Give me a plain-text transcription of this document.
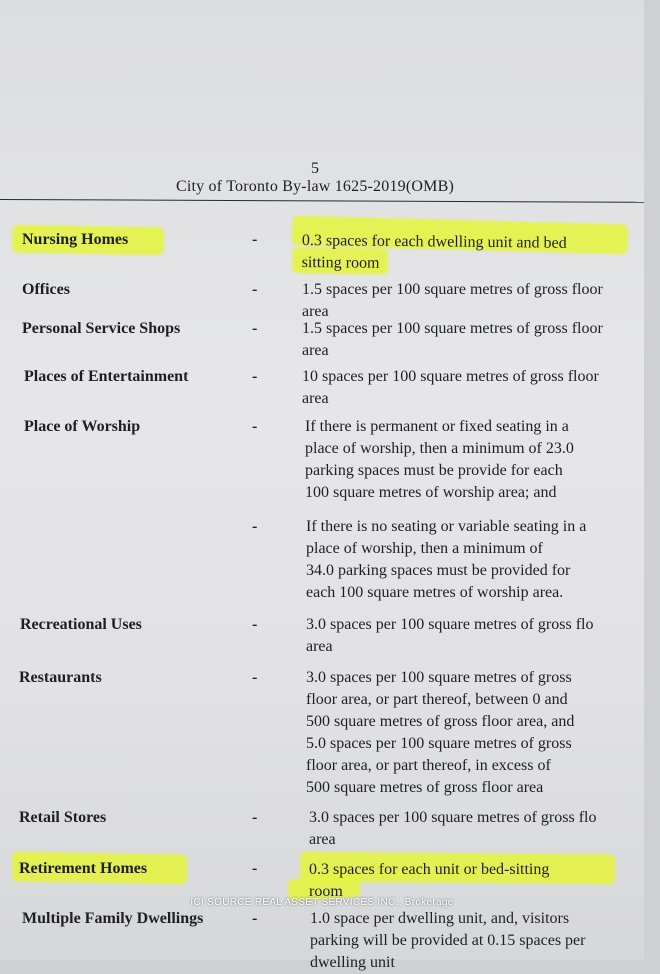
5
City of Toronto By-law 1625-2019(OMB)
Nursing Homes	-	0.3 spaces for each dwelling unit and bed
sitting room
Offices	-	1.5 spaces per 100 square metres of gross floor
area
Personal Service Shops	-	1.5 spaces per 100 square metres of gross floor
area
Places of Entertainment	-	10 spaces per 100 square metres of gross floor
area
Place of Worship	-	If there is permanent or fixed seating in a
place of worship, then a minimum of 23.0
parking spaces must be provide for each
100 square metres of worship area; and
-	If there is no seating or variable seating in a
place of worship, then a minimum of
34.0 parking spaces must be provided for
each 100 square metres of worship area.
Recreational Uses	-	3.0 spaces per 100 square metres of gross flo
area
Restaurants	-	3.0 spaces per 100 square metres of gross
floor area, or part thereof, between 0 and
500 square metres of gross floor area, and
5.0 spaces per 100 square metres of gross
floor area, or part thereof, in excess of
500 square metres of gross floor area
Retail Stores	-	3.0 spaces per 100 square metres of gross flo
area
Retirement Homes	-	0.3 spaces for each unit or bed-sitting
room
Multiple Family Dwellings	-	1.0 space per dwelling unit, and, visitors
parking will be provided at 0.15 spaces per
dwelling unit
ICI SOURCE REAL ASSET SERVICES INC., Brokerage
